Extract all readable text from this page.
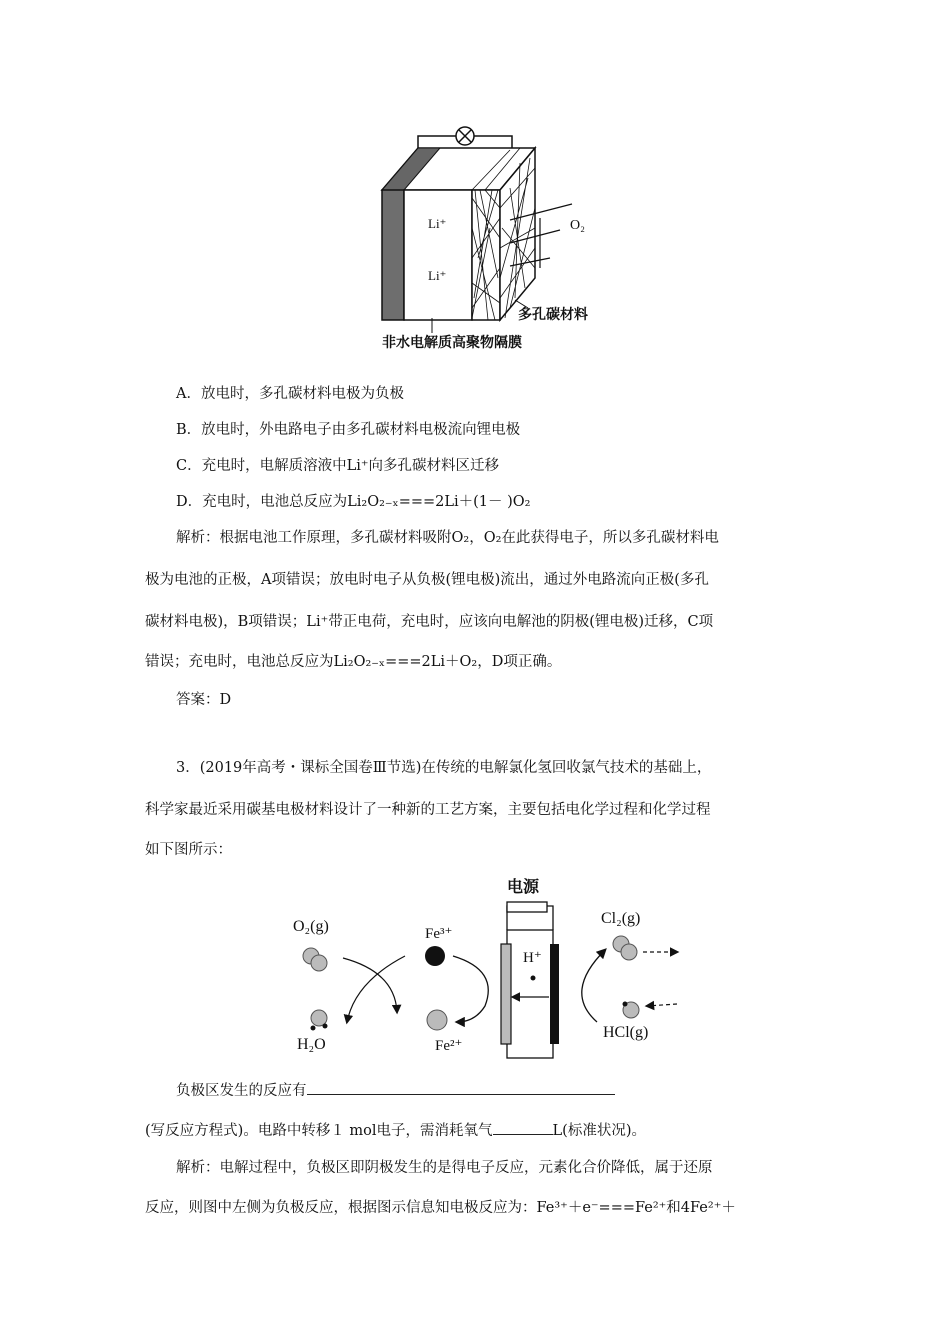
Li⁺
Li⁺
O₂
多孔碳材料
非水电解质高聚物隔膜
A．放电时，多孔碳材料电极为负极
B．放电时，外电路电子由多孔碳材料电极流向锂电极
C．充电时，电解质溶液中Li⁺向多孔碳材料区迁移
D．充电时，电池总反应为Li₂O₂₋ₓ===2Li＋(1－ )O₂
解析：根据电池工作原理，多孔碳材料吸附O₂，O₂在此获得电子，所以多孔碳材料电
极为电池的正极，A项错误；放电时电子从负极(锂电极)流出，通过外电路流向正极(多孔
碳材料电极)，B项错误；Li⁺带正电荷，充电时，应该向电解池的阴极(锂电极)迁移，C项
错误；充电时，电池总反应为Li₂O₂₋ₓ===2Li＋O₂，D项正确。
答案：D
3．(2019年高考・课标全国卷Ⅲ节选)在传统的电解氯化氢回收氯气技术的基础上，
科学家最近采用碳基电极材料设计了一种新的工艺方案，主要包括电化学过程和化学过程
如下图所示：
电源
O₂(g)	Fe³⁺
H⁺
Cl₂(g)
H₂O	Fe²⁺
HCl(g)
负极区发生的反应有
(写反应方程式)。电路中转移１ mol电子，需消耗氧气	L(标准状况)。
解析：电解过程中，负极区即阴极发生的是得电子反应，元素化合价降低，属于还原
反应，则图中左侧为负极反应，根据图示信息知电极反应为：Fe³⁺＋e⁻===Fe²⁺和4Fe²⁺＋
